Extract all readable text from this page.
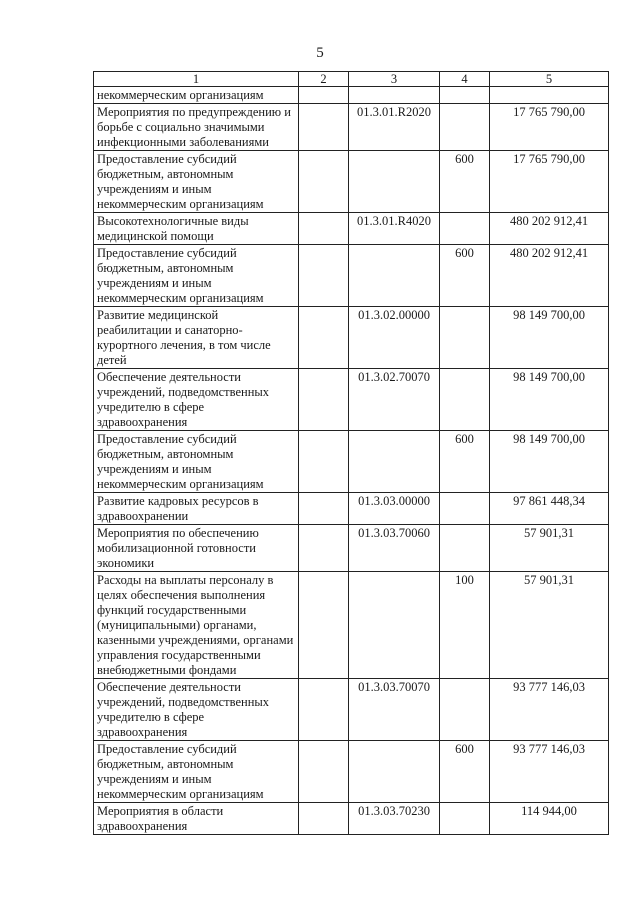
5
1	2	3	4	5
некоммерческим организациям				
Мероприятия по предупреждению и борьбе с социально значимыми инфекционными заболеваниями		01.3.01.R2020		17 765 790,00
Предоставление субсидий бюджетным, автономным учреждениям и иным некоммерческим организациям			600	17 765 790,00
Высокотехнологичные виды медицинской помощи		01.3.01.R4020		480 202 912,41
Предоставление субсидий бюджетным, автономным учреждениям и иным некоммерческим организациям			600	480 202 912,41
Развитие медицинской реабилитации и санаторно-курортного лечения, в том числе детей		01.3.02.00000		98 149 700,00
Обеспечение деятельности учреждений, подведомственных учредителю в сфере здравоохранения		01.3.02.70070		98 149 700,00
Предоставление субсидий бюджетным, автономным учреждениям и иным некоммерческим организациям			600	98 149 700,00
Развитие кадровых ресурсов в здравоохранении		01.3.03.00000		97 861 448,34
Мероприятия по обеспечению мобилизационной готовности экономики		01.3.03.70060		57 901,31
Расходы на выплаты персоналу в целях обеспечения выполнения функций государственными (муниципальными) органами, казенными учреждениями, органами управления государственными внебюджетными фондами			100	57 901,31
Обеспечение деятельности учреждений, подведомственных учредителю в сфере здравоохранения		01.3.03.70070		93 777 146,03
Предоставление субсидий бюджетным, автономным учреждениям и иным некоммерческим организациям			600	93 777 146,03
Мероприятия в области здравоохранения		01.3.03.70230		114 944,00
